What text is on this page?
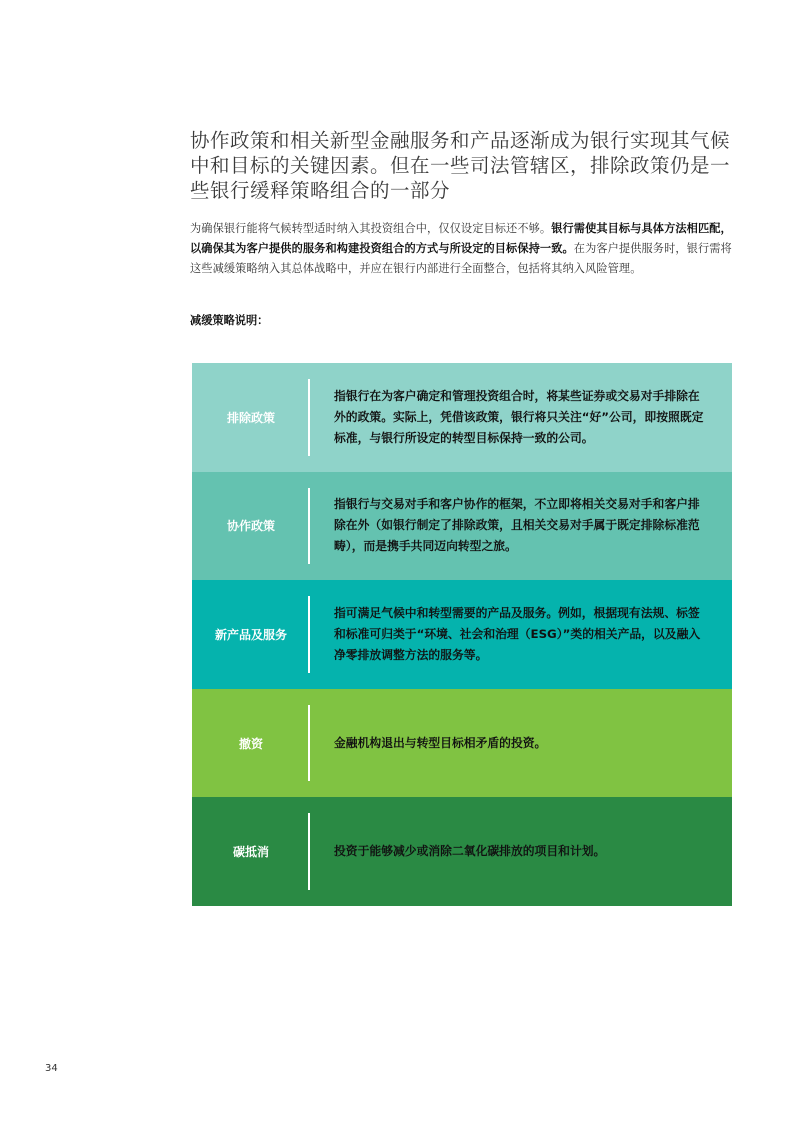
协作政策和相关新型金融服务和产品逐渐成为银行实现其气候中和目标的关键因素。但在一些司法管辖区，排除政策仍是一些银行缓释策略组合的一部分
为确保银行能将气候转型适时纳入其投资组合中，仅仅设定目标还不够。银行需使其目标与具体方法相匹配，以确保其为客户提供的服务和构建投资组合的方式与所设定的目标保持一致。在为客户提供服务时，银行需将这些减缓策略纳入其总体战略中，并应在银行内部进行全面整合，包括将其纳入风险管理。
减缓策略说明：
排除政策
指银行在为客户确定和管理投资组合时，将某些证券或交易对手排除在外的政策。实际上，凭借该政策，银行将只关注“好”公司，即按照既定标准，与银行所设定的转型目标保持一致的公司。
协作政策
指银行与交易对手和客户协作的框架，不立即将相关交易对手和客户排除在外（如银行制定了排除政策，且相关交易对手属于既定排除标准范畴），而是携手共同迈向转型之旅。
新产品及服务
指可满足气候中和转型需要的产品及服务。例如，根据现有法规、标签和标准可归类于“环境、社会和治理（ESG）”类的相关产品，以及融入净零排放调整方法的服务等。
撤资	金融机构退出与转型目标相矛盾的投资。
碳抵消	投资于能够减少或消除二氧化碳排放的项目和计划。
34
